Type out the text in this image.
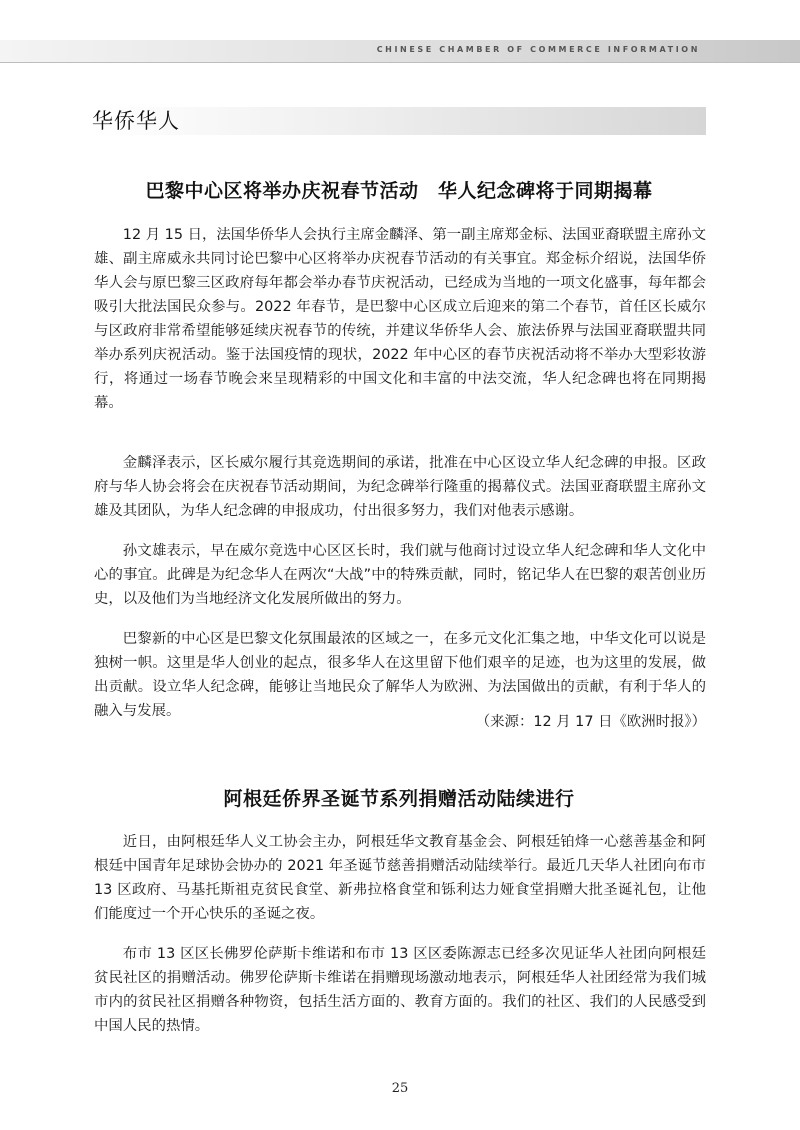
CHINESE CHAMBER OF COMMERCE INFORMATION
华侨华人
巴黎中心区将举办庆祝春节活动　华人纪念碑将于同期揭幕

12 月 15 日，法国华侨华人会执行主席金麟泽、第一副主席郑金标、法国亚裔联盟主席孙文雄、副主席威永共同讨论巴黎中心区将举办庆祝春节活动的有关事宜。郑金标介绍说，法国华侨华人会与原巴黎三区政府每年都会举办春节庆祝活动，已经成为当地的一项文化盛事，每年都会吸引大批法国民众参与。2022 年春节，是巴黎中心区成立后迎来的第二个春节，首任区长威尔与区政府非常希望能够延续庆祝春节的传统，并建议华侨华人会、旅法侨界与法国亚裔联盟共同举办系列庆祝活动。鉴于法国疫情的现状，2022 年中心区的春节庆祝活动将不举办大型彩妆游行，将通过一场春节晚会来呈现精彩的中国文化和丰富的中法交流，华人纪念碑也将在同期揭幕。

金麟泽表示，区长威尔履行其竞选期间的承诺，批准在中心区设立华人纪念碑的申报。区政府与华人协会将会在庆祝春节活动期间，为纪念碑举行隆重的揭幕仪式。法国亚裔联盟主席孙文雄及其团队，为华人纪念碑的申报成功，付出很多努力，我们对他表示感谢。

孙文雄表示，早在威尔竞选中心区区长时，我们就与他商讨过设立华人纪念碑和华人文化中心的事宜。此碑是为纪念华人在两次“大战”中的特殊贡献，同时，铭记华人在巴黎的艰苦创业历史，以及他们为当地经济文化发展所做出的努力。

巴黎新的中心区是巴黎文化氛围最浓的区域之一，在多元文化汇集之地，中华文化可以说是独树一帜。这里是华人创业的起点，很多华人在这里留下他们艰辛的足迹，也为这里的发展，做出贡献。设立华人纪念碑，能够让当地民众了解华人为欧洲、为法国做出的贡献，有利于华人的融入与发展。

（来源：12 月 17 日《欧洲时报》）
阿根廷侨界圣诞节系列捐赠活动陆续进行

近日，由阿根廷华人义工协会主办，阿根廷华文教育基金会、阿根廷铂烽一心慈善基金和阿根廷中国青年足球协会协办的 2021 年圣诞节慈善捐赠活动陆续举行。最近几天华人社团向布市 13 区政府、马基托斯祖克贫民食堂、新弗拉格食堂和铄利达力娅食堂捐赠大批圣诞礼包，让他们能度过一个开心快乐的圣诞之夜。

布市 13 区区长佛罗伦萨斯卡维诺和布市 13 区区委陈源志已经多次见证华人社团向阿根廷贫民社区的捐赠活动。佛罗伦萨斯卡维诺在捐赠现场激动地表示，阿根廷华人社团经常为我们城市内的贫民社区捐赠各种物资，包括生活方面的、教育方面的。我们的社区、我们的人民感受到中国人民的热情。

25
